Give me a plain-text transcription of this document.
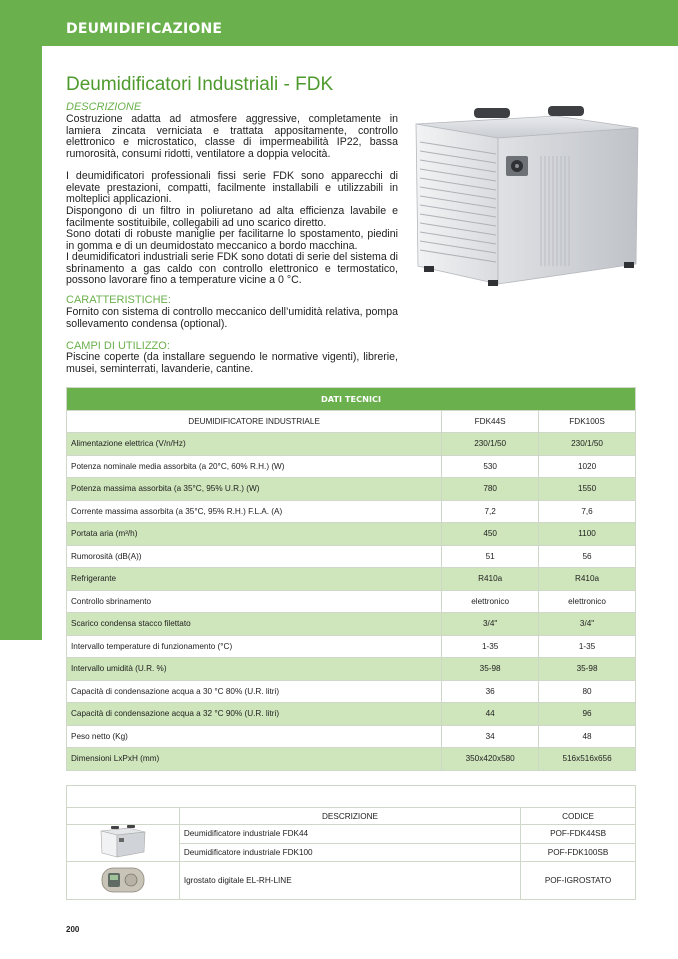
DEUMIDIFICAZIONE
Deumidificatori Industriali - FDK
DESCRIZIONE

Costruzione adatta ad atmosfere aggressive, completamente in lamiera zincata verniciata e trattata appositamente, controllo elettronico e microstatico, classe di impermeabilità IP22, bassa rumorosità, consumi ridotti, ventilatore a doppia velocità.

I deumidificatori professionali fissi serie FDK sono apparecchi di elevate prestazioni, compatti, facilmente installabili e utilizzabili in molteplici applicazioni.

Dispongono di un filtro in poliuretano ad alta efficienza lavabile e facilmente sostituibile, collegabili ad uno scarico diretto.

Sono dotati di robuste maniglie per facilitarne lo spostamento, piedini in gomma e di un deumidostato meccanico a bordo macchina.

I deumidificatori industriali serie FDK sono dotati di serie del sistema di sbrinamento a gas caldo con controllo elettronico e termostatico, possono lavorare fino a temperature vicine a 0 °C.

CARATTERISTICHE:

Fornito con sistema di controllo meccanico dell’umidità relativa, pompa sollevamento condensa (optional).

CAMPI DI UTILIZZO:

Piscine coperte (da installare seguendo le normative vigenti), librerie, musei, seminterrati, lavanderie, cantine.

DATI TECNICI		
DEUMIDIFICATORE INDUSTRIALE	FDK44S	FDK100S
Alimentazione elettrica (V/n/Hz)	230/1/50	230/1/50
Potenza nominale media assorbita (a 20°C, 60% R.H.) (W)	530	1020
Potenza massima assorbita (a 35°C, 95% U.R.) (W)	780	1550
Corrente massima assorbita (a 35°C, 95% R.H.) F.L.A. (A)	7,2	7,6
Portata aria (m³/h)	450	1100
Rumorosità (dB(A))	51	56
Refrigerante	R410a	R410a
Controllo sbrinamento	elettronico	elettronico
Scarico condensa stacco filettato	3/4"	3/4"
Intervallo temperature di funzionamento (°C)	1-35	1-35
Intervallo umidità (U.R. %)	35-98	35-98
Capacità di condensazione acqua a 30 °C 80% (U.R. litri)	36	80
Capacità di condensazione acqua a 32 °C 90% (U.R. litri)	44	96
Peso netto (Kg)	34	48
Dimensioni LxPxH (mm)	350x420x580	516x516x656
CATALOGO - DEUMIDIFICATORI INDUSTRIALI SERIE FDK		
	DESCRIZIONE	CODICE
	Deumidificatore industriale FDK44	POF-FDK44SB
	Deumidificatore industriale FDK100	POF-FDK100SB
	Igrostato digitale EL-RH-LINE	POF-IGROSTATO
200
